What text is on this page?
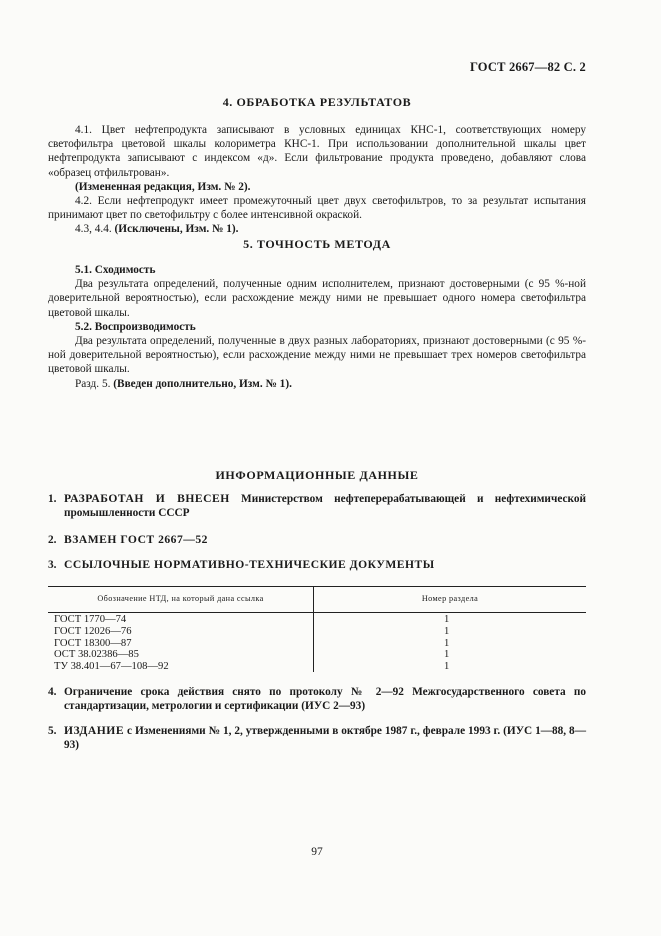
ГОСТ 2667—82 С. 2
4. ОБРАБОТКА РЕЗУЛЬТАТОВ

4.1. Цвет нефтепродукта записывают в условных единицах КНС-1, соответствующих номеру светофильтра цветовой шкалы колориметра КНС-1. При использовании дополнительной шкалы цвет нефтепродукта записывают с индексом «д». Если фильтрование продукта проведено, добавляют слова «образец отфильтрован».

(Измененная редакция, Изм. № 2).

4.2. Если нефтепродукт имеет промежуточный цвет двух светофильтров, то за результат испытания принимают цвет по светофильтру с более интенсивной окраской.

4.3, 4.4. (Исключены, Изм. № 1).

5. ТОЧНОСТЬ МЕТОДА

5.1. Сходимость

Два результата определений, полученные одним исполнителем, признают достоверными (с 95 %-ной доверительной вероятностью), если расхождение между ними не превышает одного номера светофильтра цветовой шкалы.

5.2. Воспроизводимость

Два результата определений, полученные в двух разных лабораториях, признают достоверными (с 95 %-ной доверительной вероятностью), если расхождение между ними не превышает трех номеров светофильтра цветовой шкалы.

Разд. 5. (Введен дополнительно, Изм. № 1).

ИНФОРМАЦИОННЫЕ ДАННЫЕ
1. РАЗРАБОТАН И ВНЕСЕН Министерством нефтеперерабатывающей и нефтехимической промышленности СССР
2. ВЗАМЕН ГОСТ 2667—52
3. ССЫЛОЧНЫЕ НОРМАТИВНО-ТЕХНИЧЕСКИЕ ДОКУМЕНТЫ
Обозначение НТД, на который дана ссылка	Номер раздела
ГОСТ 1770—74	1
ГОСТ 12026—76	1
ГОСТ 18300—87	1
ОСТ 38.02386—85	1
ТУ 38.401—67—108—92	1
4. Ограничение срока действия снято по протоколу № 2—92 Межгосударственного совета по стандартизации, метрологии и сертификации (ИУС 2—93)
5. ИЗДАНИЕ с Изменениями № 1, 2, утвержденными в октябре 1987 г., феврале 1993 г. (ИУС 1—88, 8—93)
97
